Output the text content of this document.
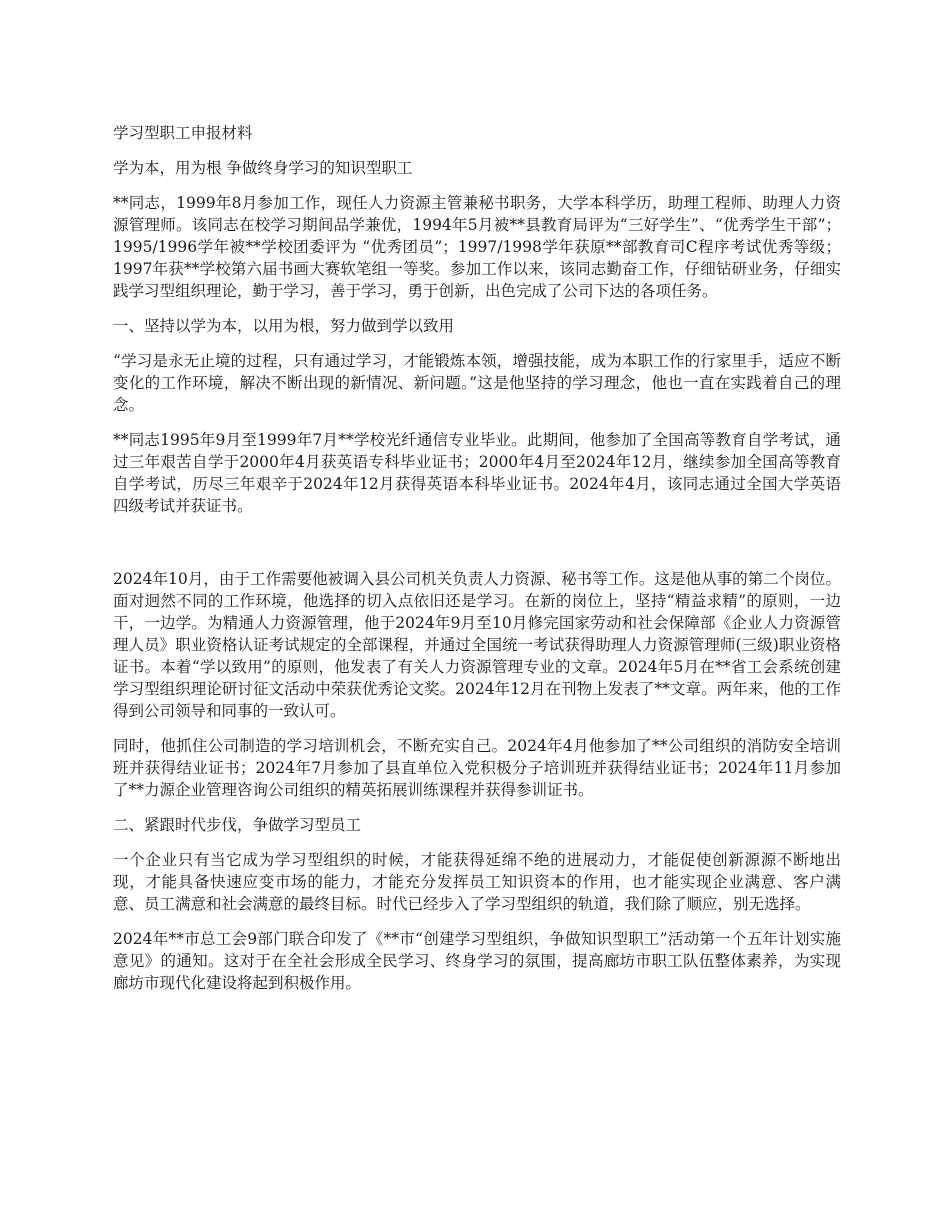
学习型职工申报材料

学为本，用为根 争做终身学习的知识型职工

**同志，1999年8月参加工作，现任人力资源主管兼秘书职务，大学本科学历，助理工程师、助理人力资源管理师。该同志在校学习期间品学兼优，1994年5月被**县教育局评为“三好学生”、“优秀学生干部”；1995/1996学年被**学校团委评为 “优秀团员”；1997/1998学年获原**部教育司C程序考试优秀等级； 1997年获**学校第六届书画大赛软笔组一等奖。参加工作以来，该同志勤奋工作，仔细钻研业务，仔细实践学习型组织理论，勤于学习，善于学习，勇于创新，出色完成了公司下达的各项任务。

一、坚持以学为本，以用为根，努力做到学以致用

“学习是永无止境的过程，只有通过学习，才能锻炼本领，增强技能，成为本职工作的行家里手，适应不断变化的工作环境，解决不断出现的新情况、新问题。”这是他坚持的学习理念，他也一直在实践着自己的理念。

**同志1995年9月至1999年7月**学校光纤通信专业毕业。此期间，他参加了全国高等教育自学考试，通过三年艰苦自学于2000年4月获英语专科毕业证书；2000年4月至2024年12月，继续参加全国高等教育自学考试，历尽三年艰辛于2024年12月获得英语本科毕业证书。2024年4月，该同志通过全国大学英语四级考试并获证书。

2024年10月，由于工作需要他被调入县公司机关负责人力资源、秘书等工作。这是他从事的第二个岗位。面对迥然不同的工作环境，他选择的切入点依旧还是学习。在新的岗位上，坚持“精益求精”的原则，一边干，一边学。为精通人力资源管理，他于2024年9月至10月修完国家劳动和社会保障部《企业人力资源管理人员》职业资格认证考试规定的全部课程，并通过全国统一考试获得助理人力资源管理师(三级)职业资格证书。本着“学以致用”的原则，他发表了有关人力资源管理专业的文章。2024年5月在**省工会系统创建学习型组织理论研讨征文活动中荣获优秀论文奖。2024年12月在刊物上发表了**文章。两年来，他的工作得到公司领导和同事的一致认可。

同时，他抓住公司制造的学习培训机会，不断充实自己。2024年4月他参加了**公司组织的消防安全培训班并获得结业证书；2024年7月参加了县直单位入党积极分子培训班并获得结业证书；2024年11月参加了**力源企业管理咨询公司组织的精英拓展训练课程并获得参训证书。

二、紧跟时代步伐，争做学习型员工

一个企业只有当它成为学习型组织的时候，才能获得延绵不绝的进展动力，才能促使创新源源不断地出现，才能具备快速应变市场的能力，才能充分发挥员工知识资本的作用，也才能实现企业满意、客户满意、员工满意和社会满意的最终目标。时代已经步入了学习型组织的轨道，我们除了顺应，别无选择。

2024年**市总工会9部门联合印发了《**市“创建学习型组织，争做知识型职工”活动第一个五年计划实施意见》的通知。这对于在全社会形成全民学习、终身学习的氛围，提高廊坊市职工队伍整体素养，为实现廊坊市现代化建设将起到积极作用。
